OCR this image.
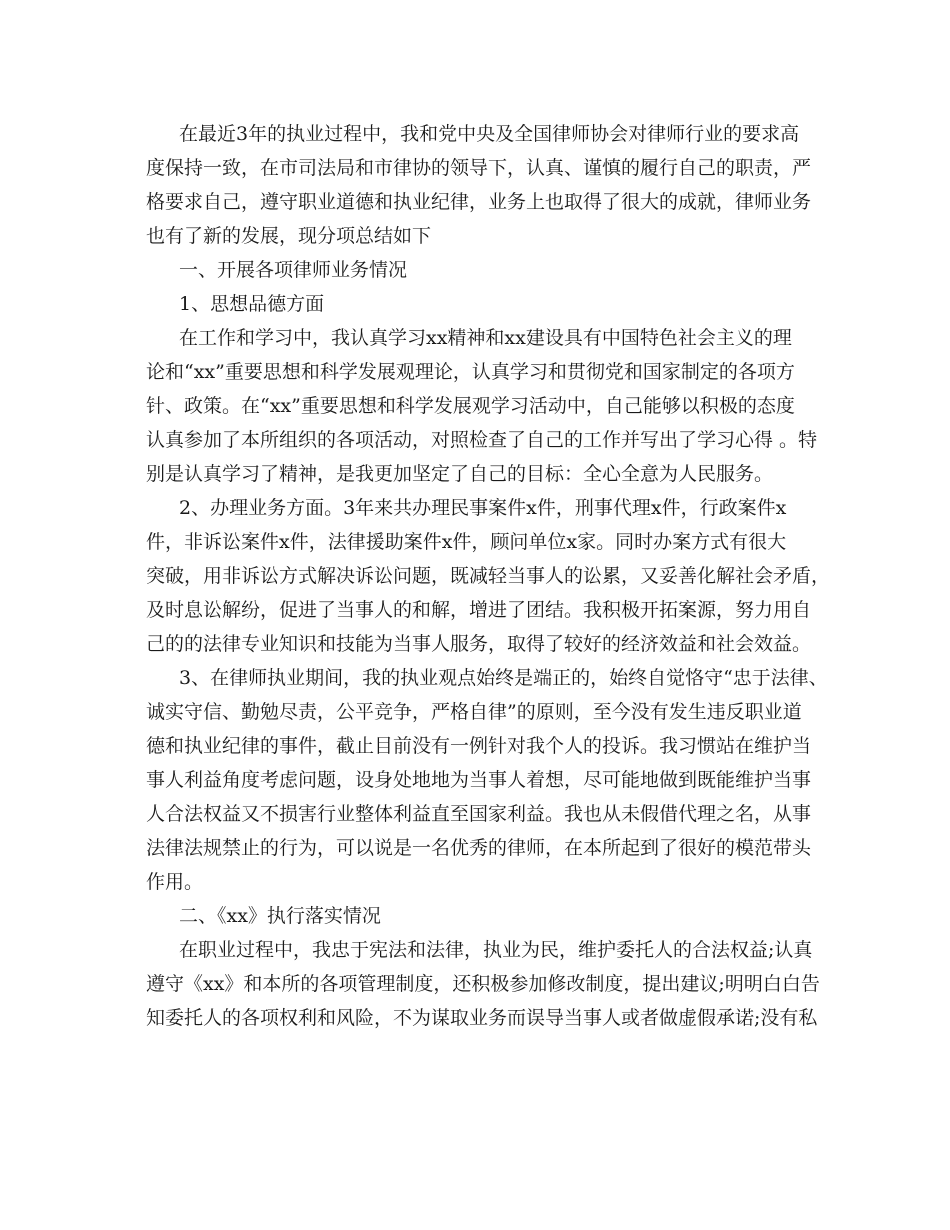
在最近3年的执业过程中，我和党中央及全国律师协会对律师行业的要求高
度保持一致，在市司法局和市律协的领导下，认真、谨慎的履行自己的职责，严
格要求自己，遵守职业道德和执业纪律，业务上也取得了很大的成就，律师业务
也有了新的发展，现分项总结如下
一、开展各项律师业务情况
1、思想品德方面
在工作和学习中，我认真学习xx精神和xx建设具有中国特色社会主义的理
论和“xx”重要思想和科学发展观理论，认真学习和贯彻党和国家制定的各项方
针、政策。在“xx”重要思想和科学发展观学习活动中，自己能够以积极的态度
认真参加了本所组织的各项活动，对照检查了自己的工作并写出了学习心得 。特
别是认真学习了精神，是我更加坚定了自己的目标：全心全意为人民服务。
2、办理业务方面。3年来共办理民事案件x件，刑事代理x件，行政案件x
件，非诉讼案件x件，法律援助案件x件，顾问单位x家。同时办案方式有很大
突破，用非诉讼方式解决诉讼问题，既减轻当事人的讼累，又妥善化解社会矛盾，
及时息讼解纷，促进了当事人的和解，增进了团结。我积极开拓案源，努力用自
己的的法律专业知识和技能为当事人服务，取得了较好的经济效益和社会效益。
3、在律师执业期间，我的执业观点始终是端正的，始终自觉恪守“忠于法律、
诚实守信、勤勉尽责，公平竞争，严格自律”的原则，至今没有发生违反职业道
德和执业纪律的事件，截止目前没有一例针对我个人的投诉。我习惯站在维护当
事人利益角度考虑问题，设身处地地为当事人着想，尽可能地做到既能维护当事
人合法权益又不损害行业整体利益直至国家利益。我也从未假借代理之名，从事
法律法规禁止的行为，可以说是一名优秀的律师，在本所起到了很好的模范带头
作用。
二、《xx》执行落实情况
在职业过程中，我忠于宪法和法律，执业为民，维护委托人的合法权益;认真
遵守《xx》和本所的各项管理制度，还积极参加修改制度，提出建议;明明白白告
知委托人的各项权利和风险，不为谋取业务而误导当事人或者做虚假承诺;没有私
